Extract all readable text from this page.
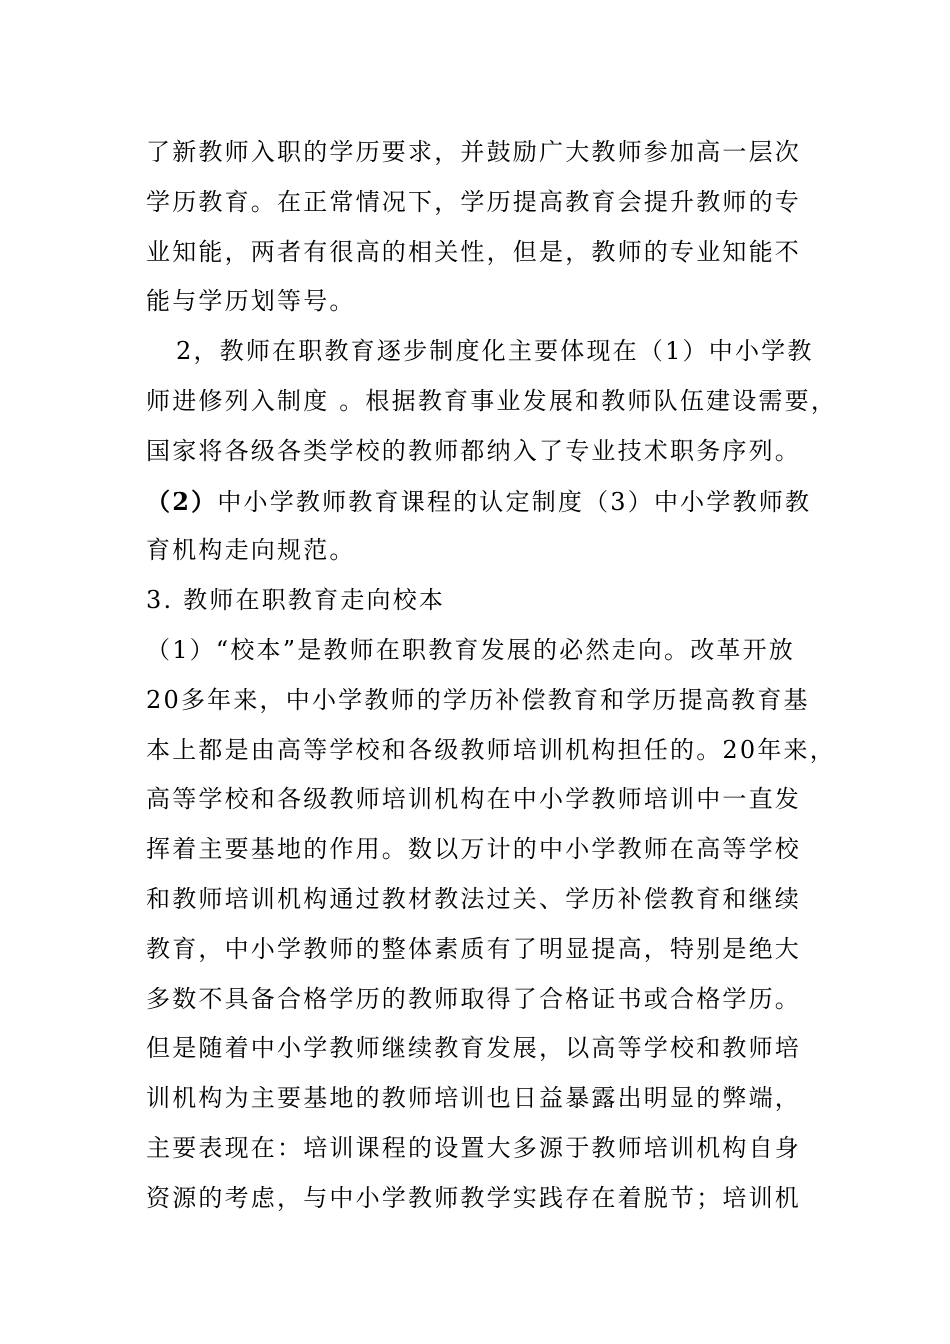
了新教师入职的学历要求，并鼓励广大教师参加高一层次
学历教育。在正常情况下，学历提高教育会提升教师的专
业知能，两者有很高的相关性，但是，教师的专业知能不
能与学历划等号。
2，教师在职教育逐步制度化主要体现在（1）中小学教
师进修列入制度 。根据教育事业发展和教师队伍建设需要，
国家将各级各类学校的教师都纳入了专业技术职务序列。
（2）中小学教师教育课程的认定制度（3）中小学教师教
育机构走向规范。
3. 教师在职教育走向校本
（1）“校本”是教师在职教育发展的必然走向。改革开放
20多年来，中小学教师的学历补偿教育和学历提高教育基
本上都是由高等学校和各级教师培训机构担任的。20年来，
高等学校和各级教师培训机构在中小学教师培训中一直发
挥着主要基地的作用。数以万计的中小学教师在高等学校
和教师培训机构通过教材教法过关、学历补偿教育和继续
教育，中小学教师的整体素质有了明显提高，特别是绝大
多数不具备合格学历的教师取得了合格证书或合格学历。
但是随着中小学教师继续教育发展，以高等学校和教师培
训机构为主要基地的教师培训也日益暴露出明显的弊端，
主要表现在：培训课程的设置大多源于教师培训机构自身
资源的考虑，与中小学教师教学实践存在着脱节；培训机
